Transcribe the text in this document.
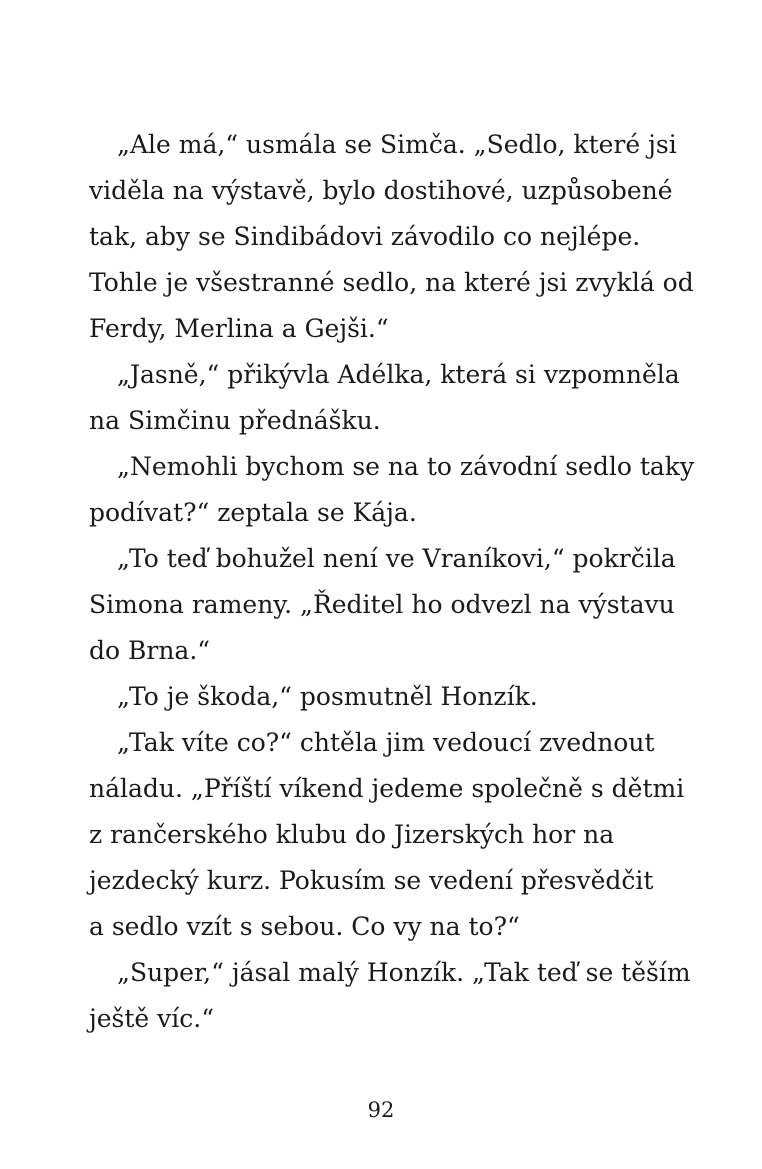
„Ale má,“ usmála se Simča. „Sedlo, které jsi
viděla na výstavě, bylo dostihové, uzpůsobené
tak, aby se Sindibádovi závodilo co nejlépe.
Tohle je všestranné sedlo, na které jsi zvyklá od
Ferdy, Merlina a Gejši.“
„Jasně,“ přikývla Adélka, která si vzpomněla
na Simčinu přednášku.
„Nemohli bychom se na to závodní sedlo taky
podívat?“ zeptala se Kája.
„To teď bohužel není ve Vraníkovi,“ pokrčila
Simona rameny. „Ředitel ho odvezl na výstavu
do Brna.“
„To je škoda,“ posmutněl Honzík.
„Tak víte co?“ chtěla jim vedoucí zvednout
náladu. „Příští víkend jedeme společně s dětmi
z rančerského klubu do Jizerských hor na
jezdecký kurz. Pokusím se vedení přesvědčit
a sedlo vzít s sebou. Co vy na to?“
„Super,“ jásal malý Honzík. „Tak teď se těším
ještě víc.“
92
